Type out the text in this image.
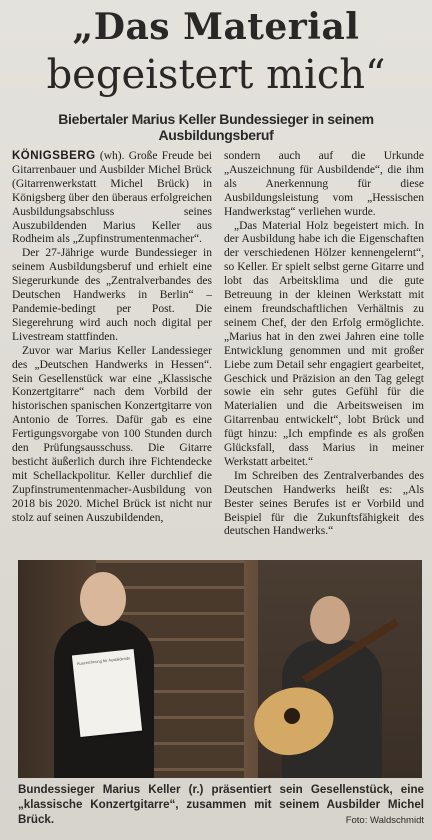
„Das Material
begeistert mich“
Biebertaler Marius Keller Bundessieger in seinem Ausbildungsberuf

KÖNIGSBERG (wh). Große Freude bei Gitarrenbauer und Ausbilder Michel Brück (Gitarrenwerkstatt Michel Brück) in Königsberg über den überaus erfolgreichen Ausbildungsabschluss seines Auszubildenden Marius Keller aus Rodheim als „Zupfinstrumentenmacher“.

Der 27-Jährige wurde Bundessieger in seinem Ausbildungsberuf und erhielt eine Siegerurkunde des „Zentralverbandes des Deutschen Handwerks in Berlin“ – Pandemie-bedingt per Post. Die Siegerehrung wird auch noch digital per Livestream stattfinden.

Zuvor war Marius Keller Landessieger des „Deutschen Handwerks in Hessen“. Sein Gesellenstück war eine „Klassische Konzertgitarre“ nach dem Vorbild der historischen spanischen Konzertgitarre von Antonio de Torres. Dafür gab es eine Fertigungsvorgabe von 100 Stunden durch den Prüfungsausschuss. Die Gitarre besticht äußerlich durch ihre Fichtendecke mit Schellackpolitur. Keller durchlief die Zupfinstrumentenmacher-Ausbildung von 2018 bis 2020. Michel Brück ist nicht nur stolz auf seinen Auszubildenden,

sondern auch auf die Urkunde „Auszeichnung für Ausbildende“, die ihm als Anerkennung für diese Ausbildungsleistung vom „Hessischen Handwerkstag“ verliehen wurde.

„Das Material Holz begeistert mich. In der Ausbildung habe ich die Eigenschaften der verschiedenen Hölzer kennengelernt“, so Keller. Er spielt selbst gerne Gitarre und lobt das Arbeitsklima und die gute Betreuung in der kleinen Werkstatt mit einem freundschaftlichen Verhältnis zu seinem Chef, der den Erfolg ermöglichte. „Marius hat in den zwei Jahren eine tolle Entwicklung genommen und mit großer Liebe zum Detail sehr engagiert gearbeitet, Geschick und Präzision an den Tag gelegt sowie ein sehr gutes Gefühl für die Materialien und die Arbeitsweisen im Gitarrenbau entwickelt“, lobt Brück und fügt hinzu: „Ich empfinde es als großen Glücksfall, dass Marius in meiner Werkstatt arbeitet.“

Im Schreiben des Zentralverbandes des Deutschen Handwerks heißt es: „Als Bester seines Berufes ist er Vorbild und Beispiel für die Zukunftsfähigkeit des deutschen Handwerks.“

Auszeichnung für Ausbildende

Bundessieger Marius Keller (r.) präsentiert sein Gesellenstück, eine „klassische Konzertgitarre“, zusammen mit seinem Ausbilder Michel Brück.	Foto: Waldschmidt
